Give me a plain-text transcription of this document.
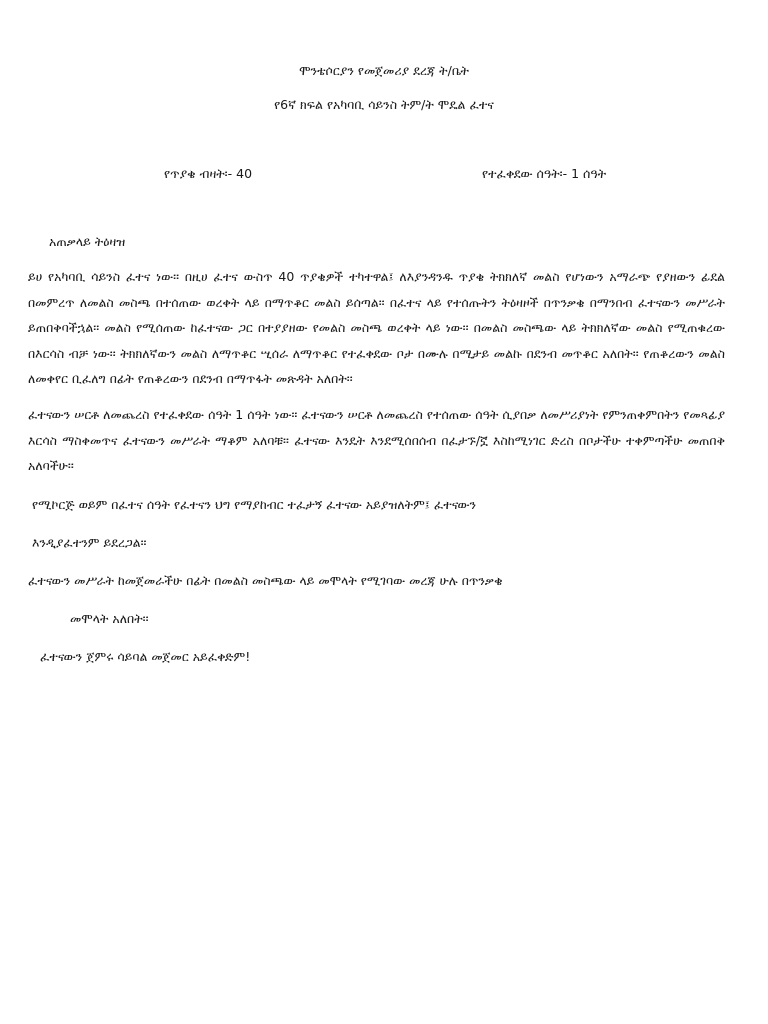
ሞንቴሶርያን የመጀመሪያ ደረጃ ት/ቤት
የ6ኛ ክፍል የአካባቢ ሳይንስ ትም/ት ሞዴል ፈተና
የጥያቄ ብዛት፡- 40	የተፈቀደው ሰዓት፡- 1 ሰዓት
አጠቃላይ ትዕዛዝ

ይሀ የአካባቢ ሳይንስ ፈተና ነው፡፡ በዚሀ ፈተና ውስጥ 40 ጥያቄዎች ተካተዋል፤ ለእያንዳንዱ ጥያቄ ትክክለኛ መልስ የሆነውን አማራጭ የያዘውን ፊደል በመምረጥ ለመልስ መስጫ በተሰጠው ወረቀት ላይ በማጥቆር መልስ ይሰጣል፡፡ በፈተና ላይ የተሰጡትን ትዕዛዞች በጥንቃቄ በማንበብ ፈተናውን መሥራት ይጠበቅባችኋል፡፡ መልስ የሚሰጠው ከፈተናው ጋር በተያያዘው የመልስ መስጫ ወረቀት ላይ ነው፡፡ በመልስ መስጫው ላይ ትክክለኛው መልስ የሚጠቁረው በእርሳስ ብቻ ነው፡፡ ትክክለኛውን መልስ ለማጥቆር ሢሰራ ለማጥቆር የተፈቀደው ቦታ በሙሉ በሚታይ መልኩ በደንብ መጥቆር አለበት፡፡ የጠቆረውን መልስ ለመቀየር ቢፈለግ በፊት የጠቆረውን በደንብ በማጥፋት መጽዳት አለበት፡፡

ፈተናውን ሠርቶ ለመጨረስ የተፈቀደው ሰዓት 1 ሰዓት ነው፡፡ ፈተናውን ሠርቶ ለመጨረስ የተሰጠው ሰዓት ሲያበቃ ለመሥሪያነት የምንጠቀምበትን የመጻፊያ እርሳስ ማስቀመጥና ፈተናውን መሥራት ማቆም አለባቹ፡፡ ፈተናው እንዴት እንደሚሰበሰብ በፈታኙ/ኟ እስከሚነገር ድረስ በቦታችሁ ተቀምጣችሁ መጠበቅ አለባችሁ፡፡

የሚኮርጅ ወይም በፈተና ሰዓት የፈተናን ህግ የማያከብር ተፈታኝ ፈተናው አይያዝለትም፤ ፈተናውን
እንዲያፈተንም ይደረጋል፡፡
ፈተናውን መሥራት ከመጀመራችሁ በፊት በመልስ መስጫው ላይ መሞላት የሚገባው መረጃ ሁሉ በጥንቃቄ
መሞላት አለበት፡፡
ፈተናውን ጀምሩ ሳይባል መጀመር አይፈቀድም!
